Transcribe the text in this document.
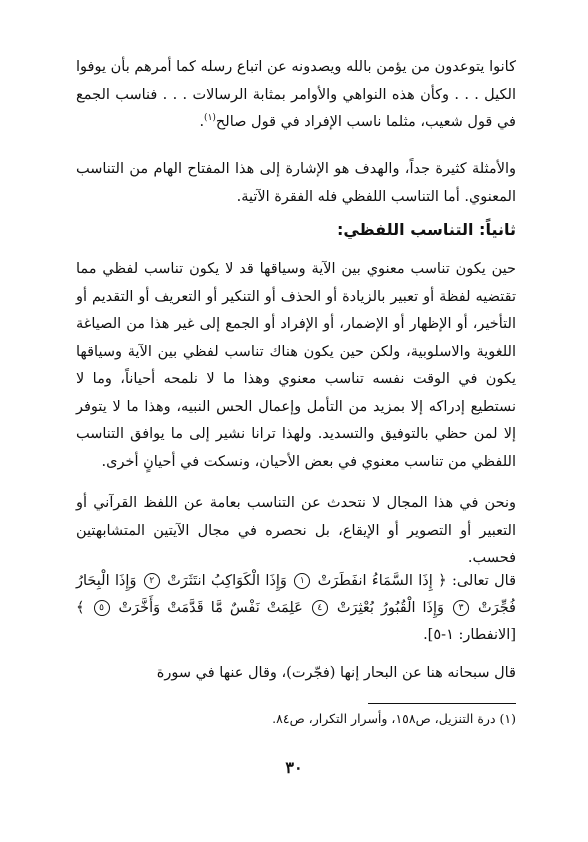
كانوا يتوعدون من يؤمن بالله ويصدونه عن اتباع رسله كما أمرهم بأن يوفوا الكيل . . . وكأن هذه النواهي والأوامر بمثابة الرسالات . . . فناسب الجمع في قول شعيب، مثلما ناسب الإفراد في قول صالح$^{(١)}$.

والأمثلة كثيرة جداً، والهدف هو الإشارة إلى هذا المفتاح الهام من التناسب المعنوي. أما التناسب اللفظي فله الفقرة الآتية.

ثانياً: التناسب اللفظي:

حين يكون تناسب معنوي بين الآية وسياقها قد لا يكون تناسب لفظي مما تقتضيه لفظة أو تعبير بالزيادة أو الحذف أو التنكير أو التعريف أو التقديم أو التأخير، أو الإظهار أو الإضمار، أو الإفراد أو الجمع إلى غير هذا من الصياغة اللغوية والاسلوبية، ولكن حين يكون هناك تناسب لفظي بين الآية وسياقها يكون في الوقت نفسه تناسب معنوي وهذا ما لا نلمحه أحياناً، وما لا نستطيع إدراكه إلا بمزيد من التأمل وإعمال الحس النبيه، وهذا ما لا يتوفر إلا لمن حظي بالتوفيق والتسديد. ولهذا ترانا نشير إلى ما يوافق التناسب اللفظي من تناسب معنوي في بعض الأحيان، ونسكت في أحيانٍ أخرى.

ونحن في هذا المجال لا نتحدث عن التناسب بعامة عن اللفظ القرآني أو التعبير أو التصوير أو الإيقاع، بل نحصره في مجال الآيتين المتشابهتين فحسب.

قال تعالى: ﴿ إِذَا السَّمَاءُ انفَطَرَتْ ١ وَإِذَا الْكَوَاكِبُ انتَثَرَتْ ٢ وَإِذَا الْبِحَارُ فُجِّرَتْ ٣ وَإِذَا الْقُبُورُ بُعْثِرَتْ ٤ عَلِمَتْ نَفْسٌ مَّا قَدَّمَتْ وَأَخَّرَتْ ٥ ﴾ [الانفطار: ١-٥].

قال سبحانه هنا عن البحار إنها (فجّرت)، وقال عنها في سورة

(١) درة التنزيل، ص١٥٨، وأسرار التكرار، ص٨٤.

٣٠
